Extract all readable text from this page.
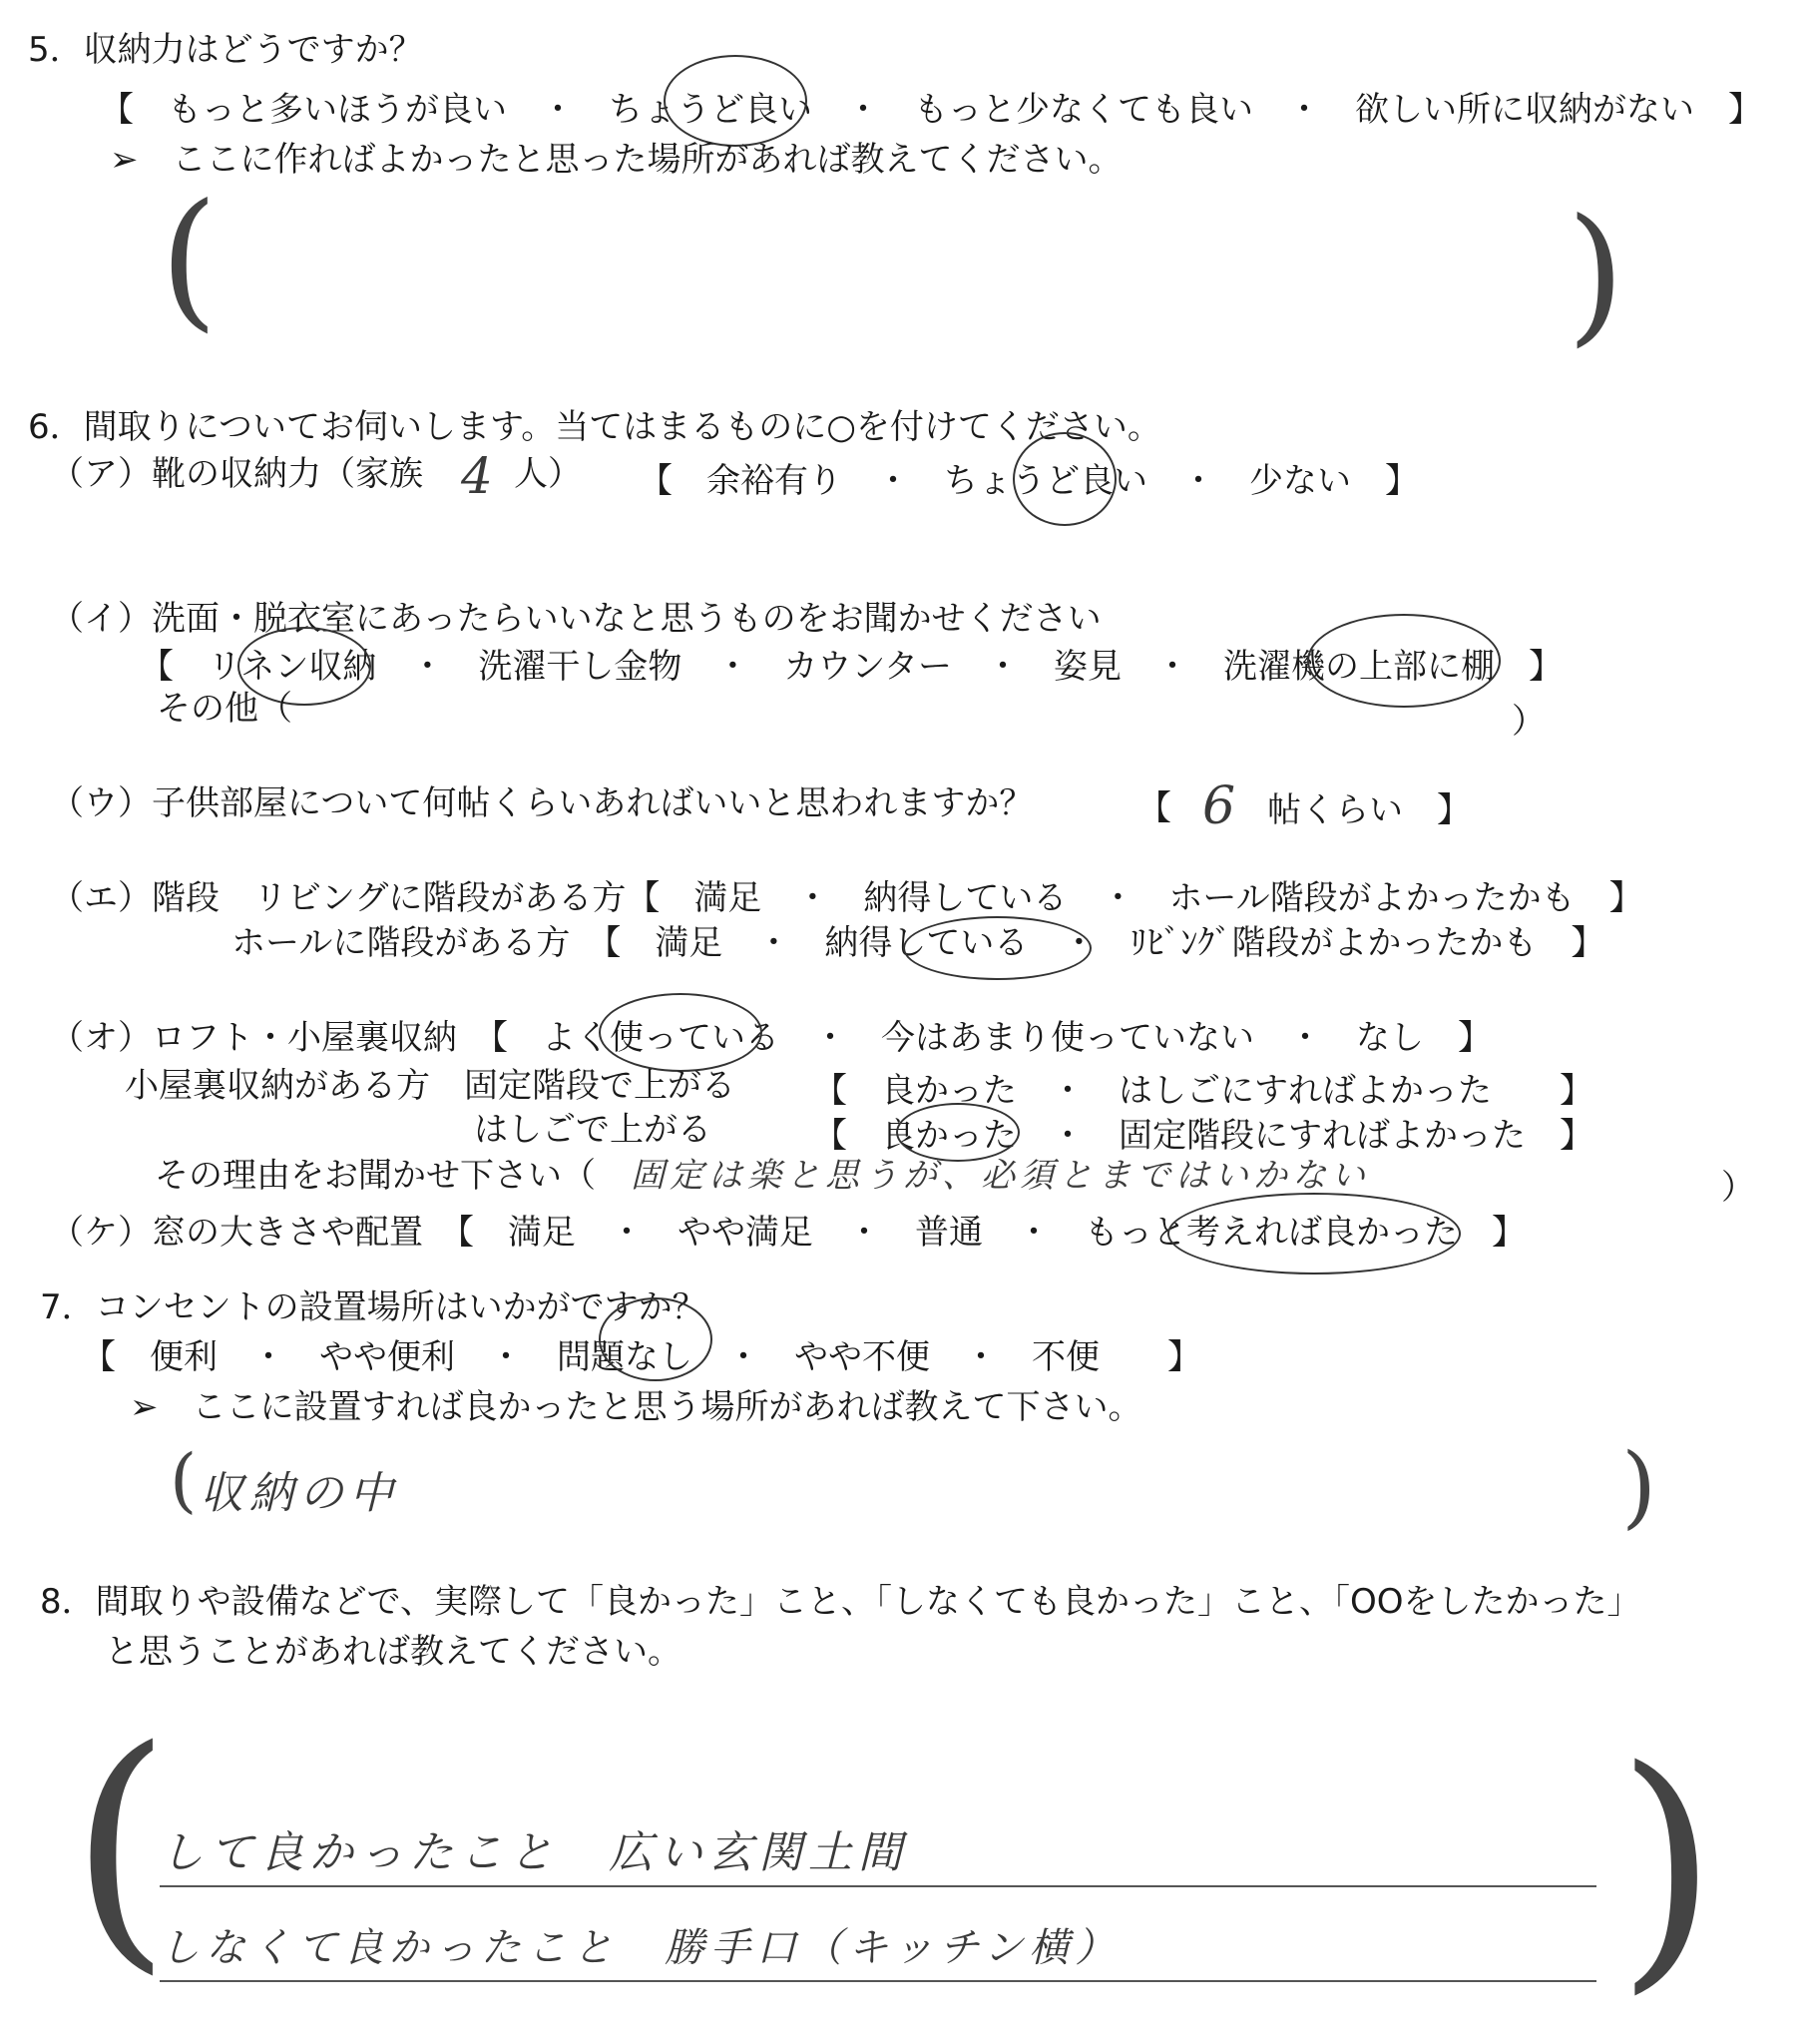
5．収納力はどうですか？
【　もっと多いほうが良い　・　ちょうど良い　・　もっと少なくても良い　・　欲しい所に収納がない　】
➢　ここに作ればよかったと思った場所があれば教えてください。
(	)
6．間取りについてお伺いします。当てはまるものに○を付けてください。
（ア）靴の収納力（家族 4 人） 【　余裕有り　・　ちょうど良い　・　少ない　】
（イ）洗面・脱衣室にあったらいいなと思うものをお聞かせください
【　リネン収納　・　洗濯干し金物　・　カウンター　・　姿見　・　洗濯機の上部に棚　】
その他（	）
（ウ）子供部屋について何帖くらいあればいいと思われますか？	【 6 帖くらい　】
（エ）階段　リビングに階段がある方【　満足　・　納得している　・　ホール階段がよかったかも　】
ホールに階段がある方　【　満足　・　納得している　・　ﾘﾋﾞﾝｸﾞ階段がよかったかも　】
（オ）ロフト・小屋裏収納　【　よく使っている　・　今はあまり使っていない　・　なし　】
小屋裏収納がある方　固定階段で上がる 【　良かった　・　はしごにすればよかった　　】
はしごで上がる	【　良かった　・　固定階段にすればよかった　】
その理由をお聞かせ下さい（ 固定は楽と思うが、必須とまではいかない	）
（ケ）窓の大きさや配置　【　満足　・　やや満足　・　普通　・　もっと考えれば良かった　】
7．コンセントの設置場所はいかがですか？
【　便利　・　やや便利　・　問題なし　・　やや不便　・　不便　　】
➢　ここに設置すれば良かったと思う場所があれば教えて下さい。
( 収納の中	)
8．間取りや設備などで、実際して「良かった」こと、「しなくても良かった」こと、「OOをしたかった」
と思うことがあれば教えてください。
(	)
して良かったこと　広い玄関土間
しなくて良かったこと　勝手口（キッチン横）
